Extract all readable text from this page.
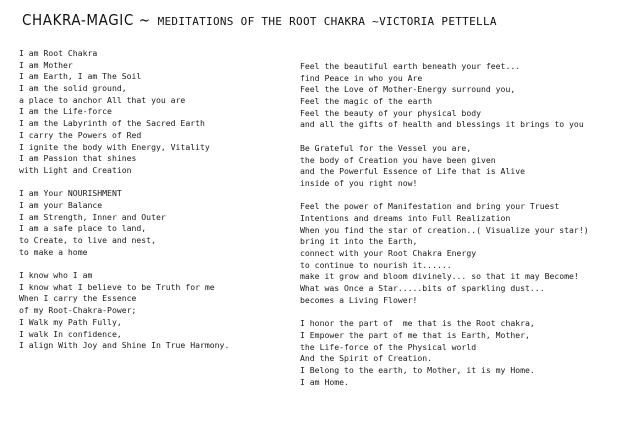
CHAKRA-MAGIC ~ MEDITATIONS OF THE ROOT CHAKRA ~VICTORIA PETTELLA
I am Root Chakra
I am Mother
I am Earth, I am The Soil
I am the solid ground,
a place to anchor All that you are
I am the Life-force
I am the Labyrinth of the Sacred Earth
I carry the Powers of Red
I ignite the body with Energy, Vitality
I am Passion that shines
with Light and Creation
I am Your NOURISHMENT
I am your Balance
I am Strength, Inner and Outer
I am a safe place to land,
to Create, to live and nest,
to make a home
I know who I am
I know what I believe to be Truth for me
When I carry the Essence
of my Root-Chakra-Power;
I Walk my Path Fully,
I walk In confidence,
I align With Joy and Shine In True Harmony.
Feel the beautiful earth beneath your feet...
find Peace in who you Are
Feel the Love of Mother-Energy surround you,
Feel the magic of the earth
Feel the beauty of your physical body
and all the gifts of health and blessings it brings to you
Be Grateful for the Vessel you are,
the body of Creation you have been given
and the Powerful Essence of Life that is Alive
inside of you right now!
Feel the power of Manifestation and bring your Truest
Intentions and dreams into Full Realization
When you find the star of creation..( Visualize your star!)
bring it into the Earth,
connect with your Root Chakra Energy
to continue to nourish it......
make it grow and bloom divinely... so that it may Become!
What was Once a Star.....bits of sparkling dust...
becomes a Living Flower!
I honor the part of  me that is the Root chakra,
I Empower the part of me that is Earth, Mother,
the Life-force of the Physical world
And the Spirit of Creation.
I Belong to the earth, to Mother, it is my Home.
I am Home.
